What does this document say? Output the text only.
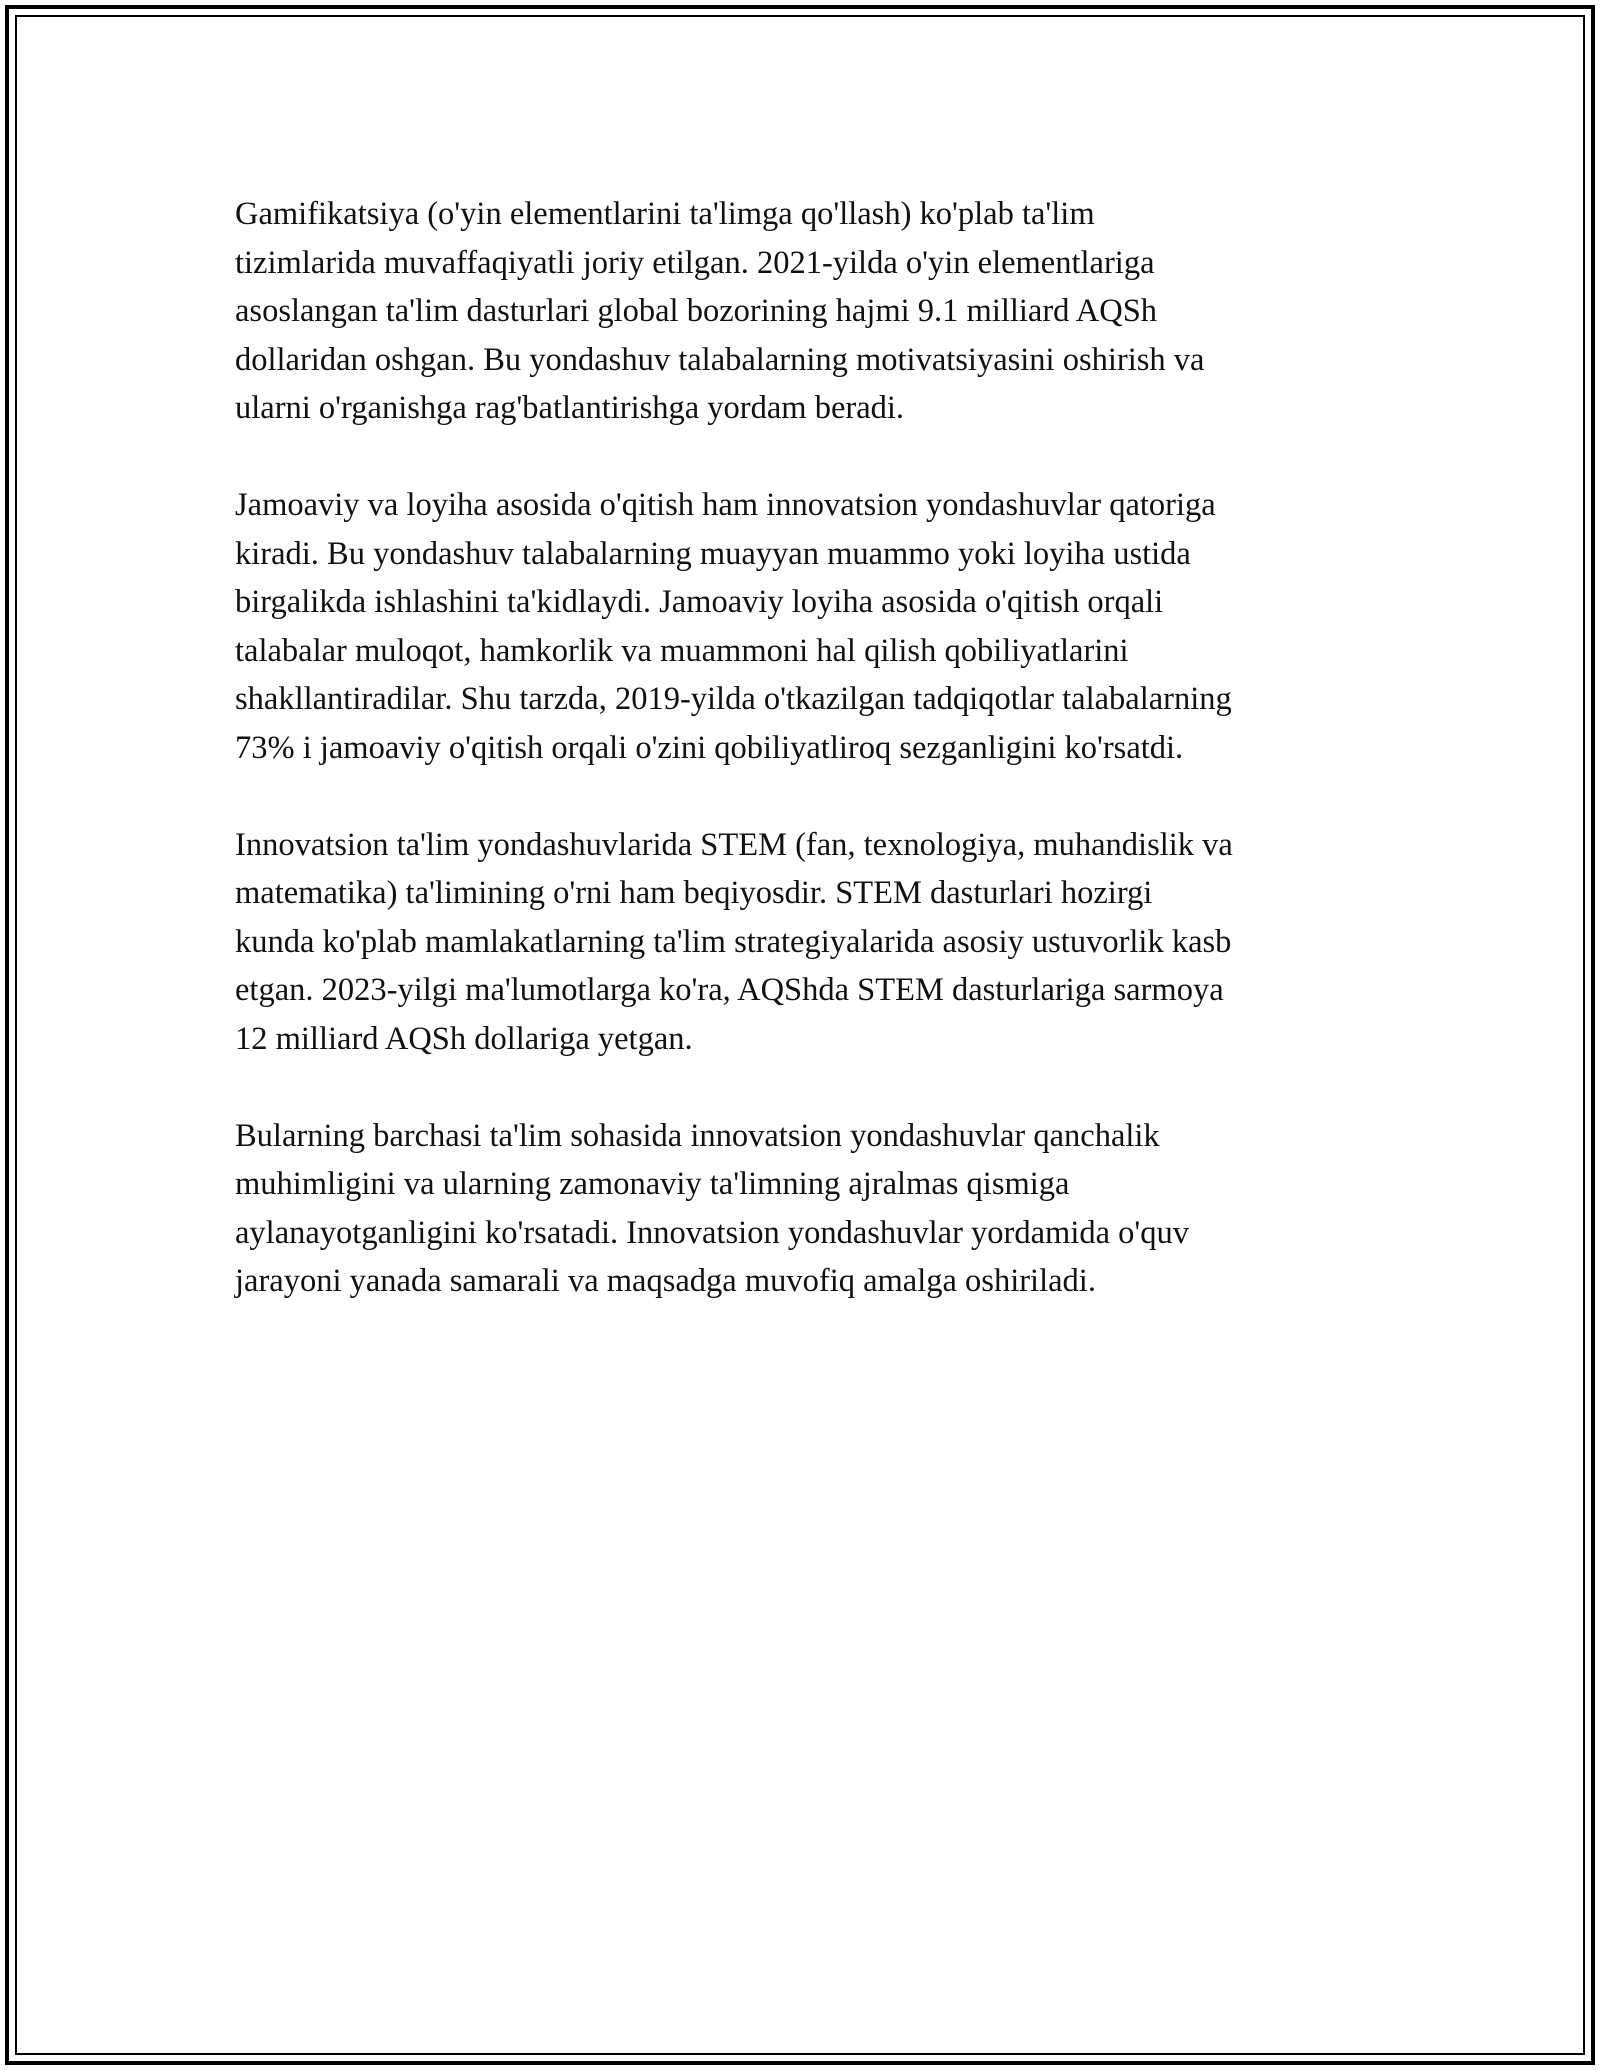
Gamifikatsiya (o'yin elementlarini ta'limga qo'llash) ko'plab ta'lim
tizimlarida muvaffaqiyatli joriy etilgan. 2021-yilda o'yin elementlariga
asoslangan ta'lim dasturlari global bozorining hajmi 9.1 milliard AQSh
dollaridan oshgan. Bu yondashuv talabalarning motivatsiyasini oshirish va
ularni o'rganishga rag'batlantirishga yordam beradi.

Jamoaviy va loyiha asosida o'qitish ham innovatsion yondashuvlar qatoriga
kiradi. Bu yondashuv talabalarning muayyan muammo yoki loyiha ustida
birgalikda ishlashini ta'kidlaydi. Jamoaviy loyiha asosida o'qitish orqali
talabalar muloqot, hamkorlik va muammoni hal qilish qobiliyatlarini
shakllantiradilar. Shu tarzda, 2019-yilda o'tkazilgan tadqiqotlar talabalarning
73% i jamoaviy o'qitish orqali o'zini qobiliyatliroq sezganligini ko'rsatdi.

Innovatsion ta'lim yondashuvlarida STEM (fan, texnologiya, muhandislik va
matematika) ta'limining o'rni ham beqiyosdir. STEM dasturlari hozirgi
kunda ko'plab mamlakatlarning ta'lim strategiyalarida asosiy ustuvorlik kasb
etgan. 2023-yilgi ma'lumotlarga ko'ra, AQShda STEM dasturlariga sarmoya
12 milliard AQSh dollariga yetgan.

Bularning barchasi ta'lim sohasida innovatsion yondashuvlar qanchalik
muhimligini va ularning zamonaviy ta'limning ajralmas qismiga
aylanayotganligini ko'rsatadi. Innovatsion yondashuvlar yordamida o'quv
jarayoni yanada samarali va maqsadga muvofiq amalga oshiriladi.
